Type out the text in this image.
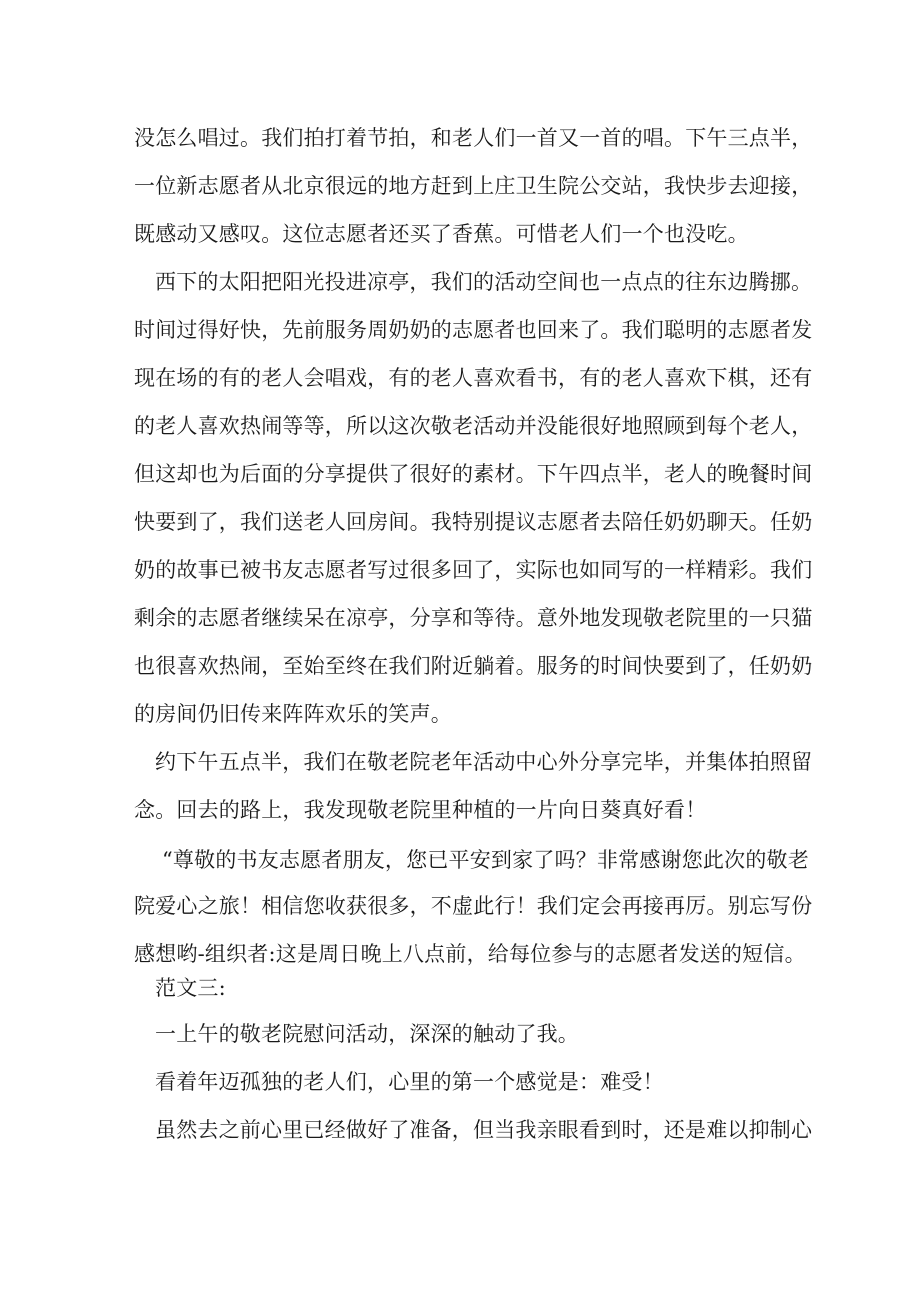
没怎么唱过。我们拍打着节拍，和老人们一首又一首的唱。下午三点半，
一位新志愿者从北京很远的地方赶到上庄卫生院公交站，我快步去迎接，
既感动又感叹。这位志愿者还买了香蕉。可惜老人们一个也没吃。
西下的太阳把阳光投进凉亭，我们的活动空间也一点点的往东边腾挪。
时间过得好快，先前服务周奶奶的志愿者也回来了。我们聪明的志愿者发
现在场的有的老人会唱戏，有的老人喜欢看书，有的老人喜欢下棋，还有
的老人喜欢热闹等等，所以这次敬老活动并没能很好地照顾到每个老人，
但这却也为后面的分享提供了很好的素材。下午四点半，老人的晚餐时间
快要到了，我们送老人回房间。我特别提议志愿者去陪任奶奶聊天。任奶
奶的故事已被书友志愿者写过很多回了，实际也如同写的一样精彩。我们
剩余的志愿者继续呆在凉亭，分享和等待。意外地发现敬老院里的一只猫
也很喜欢热闹，至始至终在我们附近躺着。服务的时间快要到了，任奶奶
的房间仍旧传来阵阵欢乐的笑声。
约下午五点半，我们在敬老院老年活动中心外分享完毕，并集体拍照留
念。回去的路上，我发现敬老院里种植的一片向日葵真好看！
“尊敬的书友志愿者朋友，您已平安到家了吗？非常感谢您此次的敬老
院爱心之旅！相信您收获很多，不虚此行！我们定会再接再厉。别忘写份
感想哟-组织者:这是周日晚上八点前，给每位参与的志愿者发送的短信。
范文三:
一上午的敬老院慰问活动，深深的触动了我。
看着年迈孤独的老人们，心里的第一个感觉是：难受！
虽然去之前心里已经做好了准备，但当我亲眼看到时，还是难以抑制心
